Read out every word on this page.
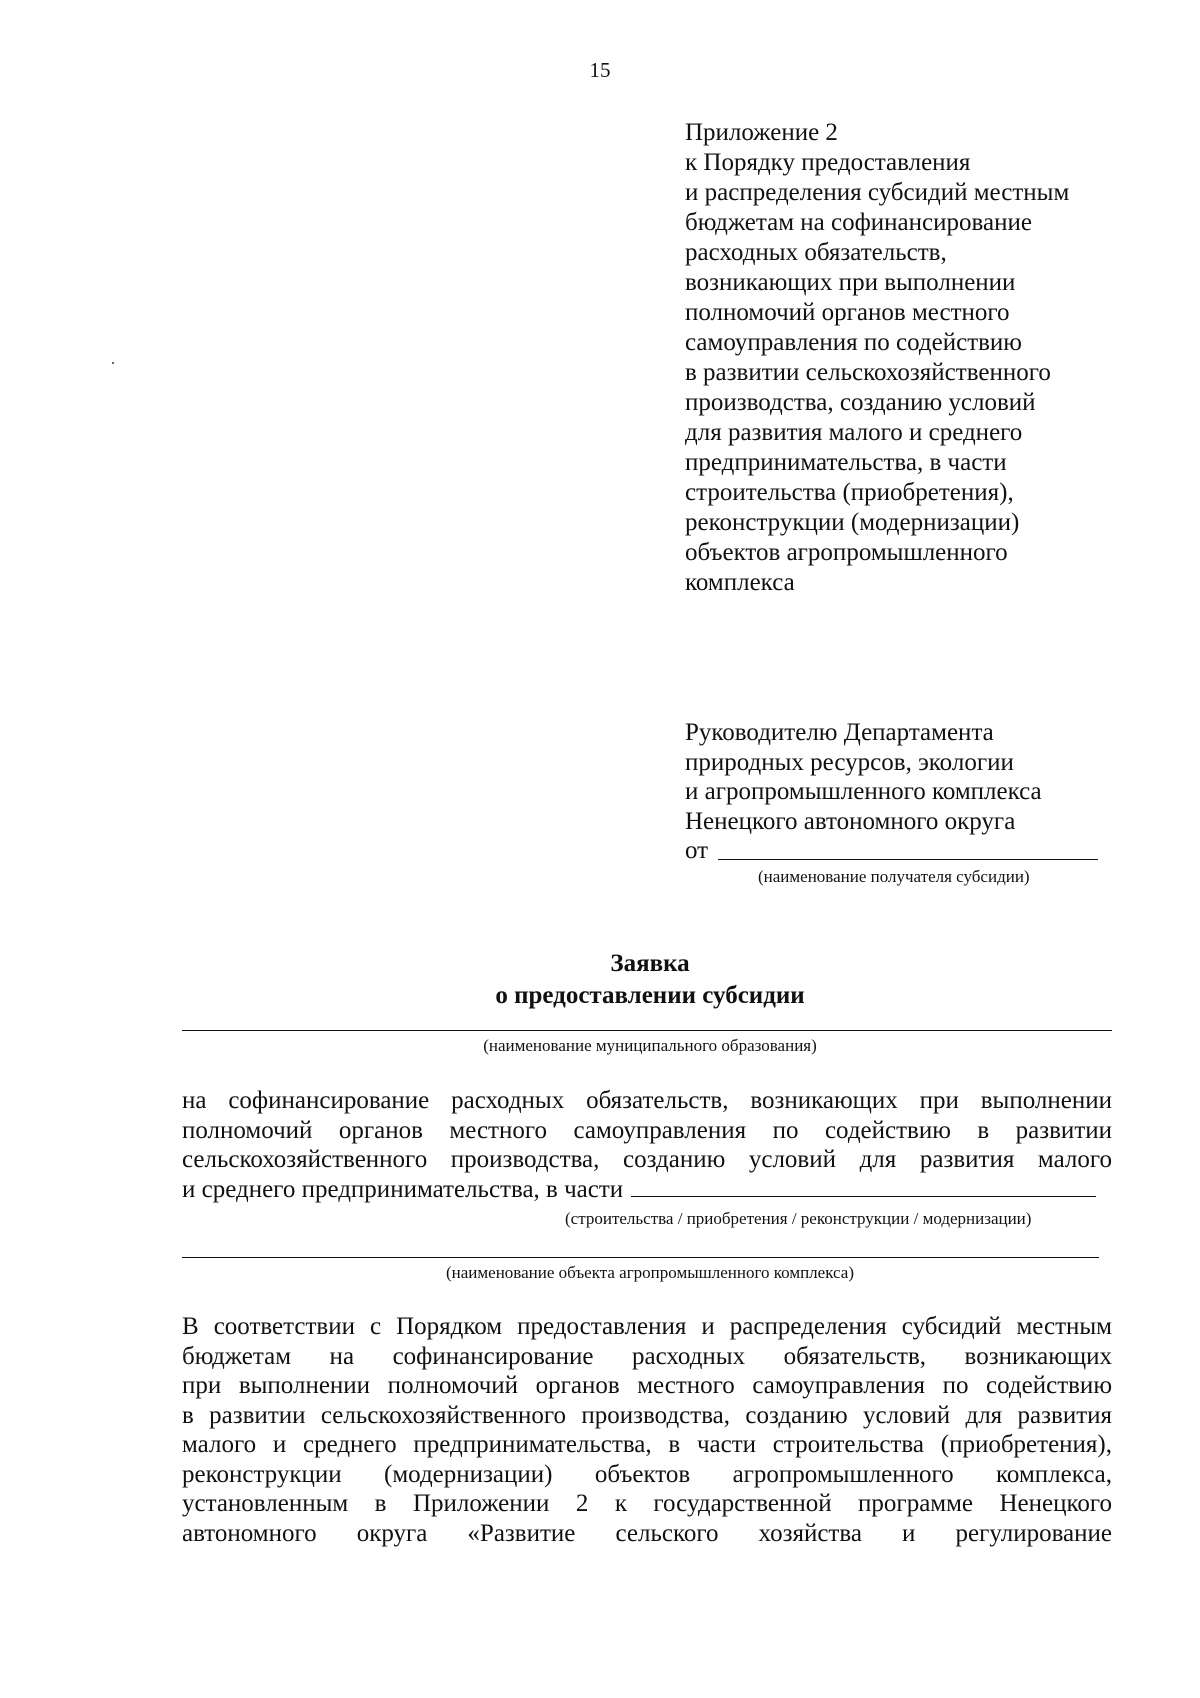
15
Приложение 2
к Порядку предоставления
и распределения субсидий местным
бюджетам на софинансирование
расходных обязательств,
возникающих при выполнении
полномочий органов местного
самоуправления по содействию
в развитии сельскохозяйственного
производства, созданию условий
для развития малого и среднего
предпринимательства, в части
строительства (приобретения),
реконструкции (модернизации)
объектов агропромышленного
комплекса
Руководителю Департамента
природных ресурсов, экологии
и агропромышленного комплекса
Ненецкого автономного округа
от
(наименование получателя субсидии)
Заявка
о предоставлении субсидии
(наименование муниципального образования)
на софинансирование расходных обязательств, возникающих при выполнении
полномочий органов местного самоуправления по содействию в развитии
сельскохозяйственного производства, созданию условий для развития малого
и среднего предпринимательства, в части
(строительства / приобретения / реконструкции / модернизации)
(наименование объекта агропромышленного комплекса)
В соответствии с Порядком предоставления и распределения субсидий местным
бюджетам на софинансирование расходных обязательств, возникающих
при выполнении полномочий органов местного самоуправления по содействию
в развитии сельскохозяйственного производства, созданию условий для развития
малого и среднего предпринимательства, в части строительства (приобретения),
реконструкции (модернизации) объектов агропромышленного комплекса,
установленным в Приложении 2 к государственной программе Ненецкого
автономного округа «Развитие сельского хозяйства и регулирование
